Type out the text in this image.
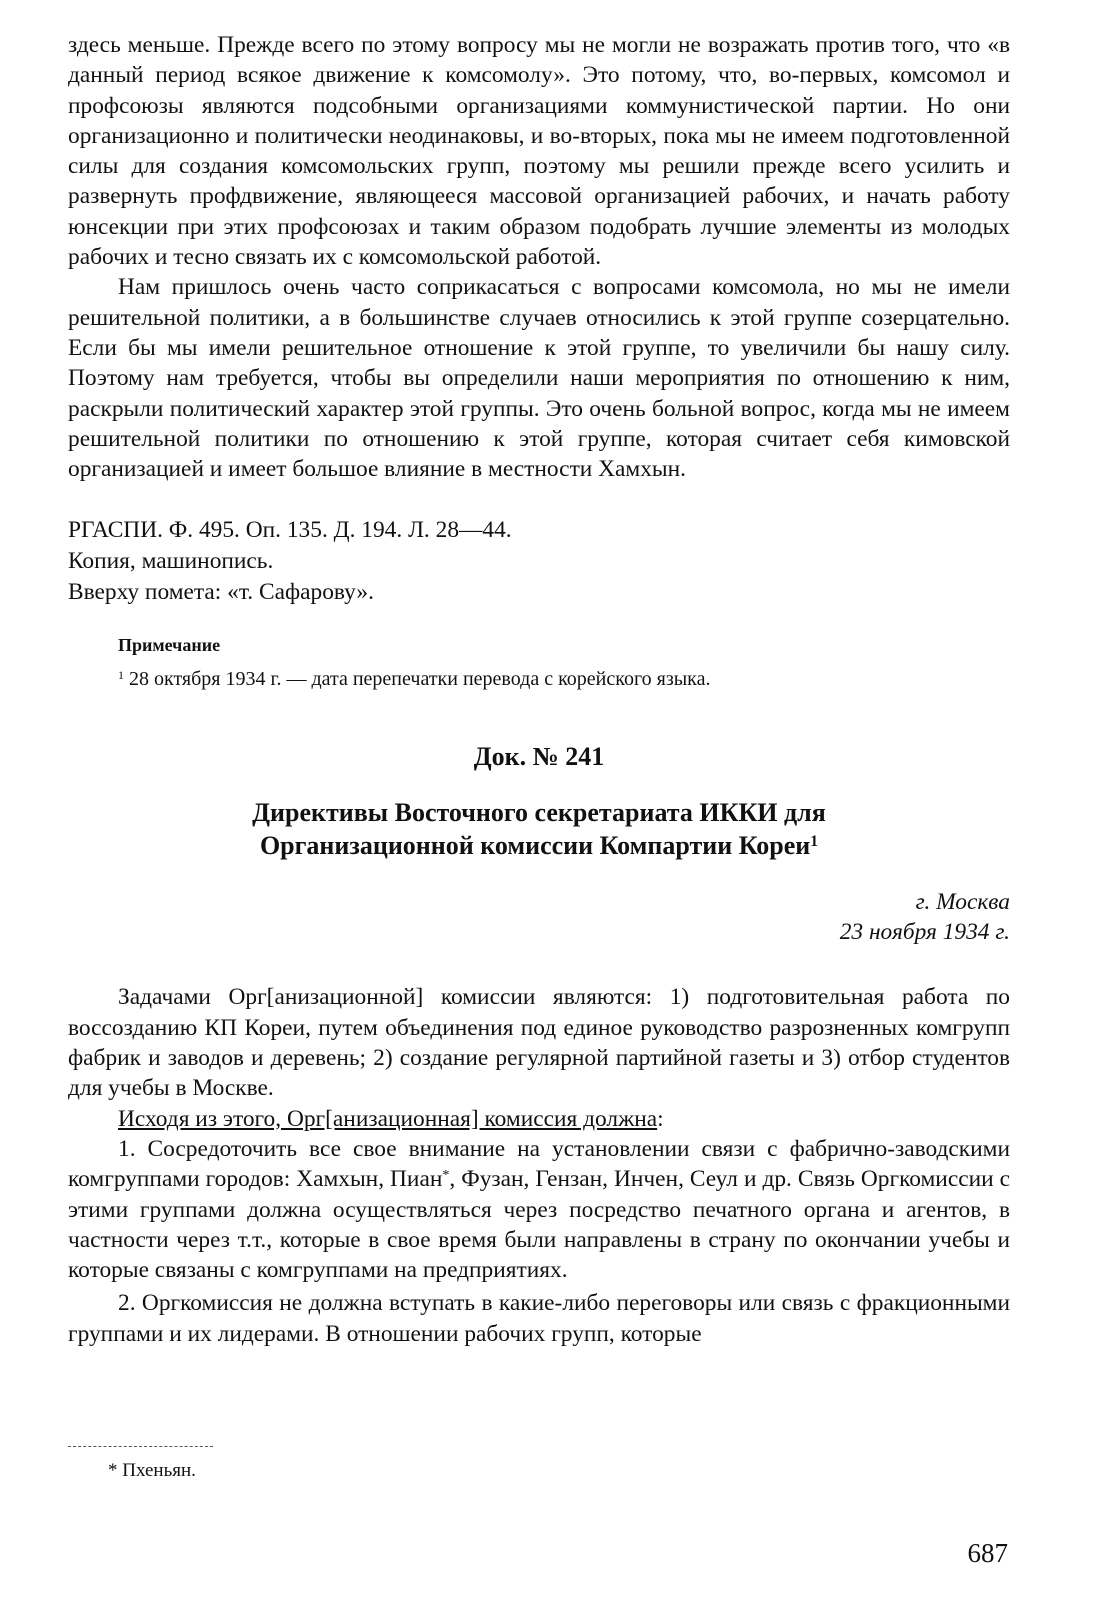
здесь меньше. Прежде всего по этому вопросу мы не могли не возражать против того, что «в данный период всякое движение к комсомолу». Это потому, что, во-первых, комсомол и профсоюзы являются подсобными организациями коммунистической партии. Но они организационно и политически неодинаковы, и во-вторых, пока мы не имеем подготовленной силы для создания комсомольских групп, поэтому мы решили прежде всего усилить и развернуть профдвижение, являющееся массовой организацией рабочих, и начать работу юнсекции при этих профсоюзах и таким образом подобрать лучшие элементы из молодых рабочих и тесно связать их с комсомольской работой.

Нам пришлось очень часто соприкасаться с вопросами комсомола, но мы не имели решительной политики, а в большинстве случаев относились к этой группе созерцательно. Если бы мы имели решительное отношение к этой группе, то увеличили бы нашу силу. Поэтому нам требуется, чтобы вы определили наши мероприятия по отношению к ним, раскрыли политический характер этой группы. Это очень больной вопрос, когда мы не имеем решительной политики по отношению к этой группе, которая считает себя кимовской организацией и имеет большое влияние в местности Хамхын.

РГАСПИ. Ф. 495. Оп. 135. Д. 194. Л. 28—44.

Копия, машинопись.

Вверху помета: «т. Сафарову».

Примечание

$^1$ 28 октября 1934 г. — дата перепечатки перевода с корейского языка.

Док. № 241

Директивы Восточного секретариата ИККИ для
Организационной комиссии Компартии Кореи$^1$
г. Москва
23 ноября 1934 г.

Задачами Орг[анизационной] комиссии являются: 1) подготовительная работа по воссозданию КП Кореи, путем объединения под единое руководство разрозненных комгрупп фабрик и заводов и деревень; 2) создание регулярной партийной газеты и 3) отбор студентов для учебы в Москве.

Исходя из этого, Орг[анизационная] комиссия должна:

1. Сосредоточить все свое внимание на установлении связи с фабрично-заводскими комгруппами городов: Хамхын, Пиан*, Фузан, Гензан, Инчен, Сеул и др. Связь Оргкомиссии с этими группами должна осуществляться через посредство печатного органа и агентов, в частности через т.т., которые в свое время были направлены в страну по окончании учебы и которые связаны с комгруппами на предприятиях.

2. Оргкомиссия не должна вступать в какие-либо переговоры или связь с фракционными группами и их лидерами. В отношении рабочих групп, которые

* Пхеньян.
687
